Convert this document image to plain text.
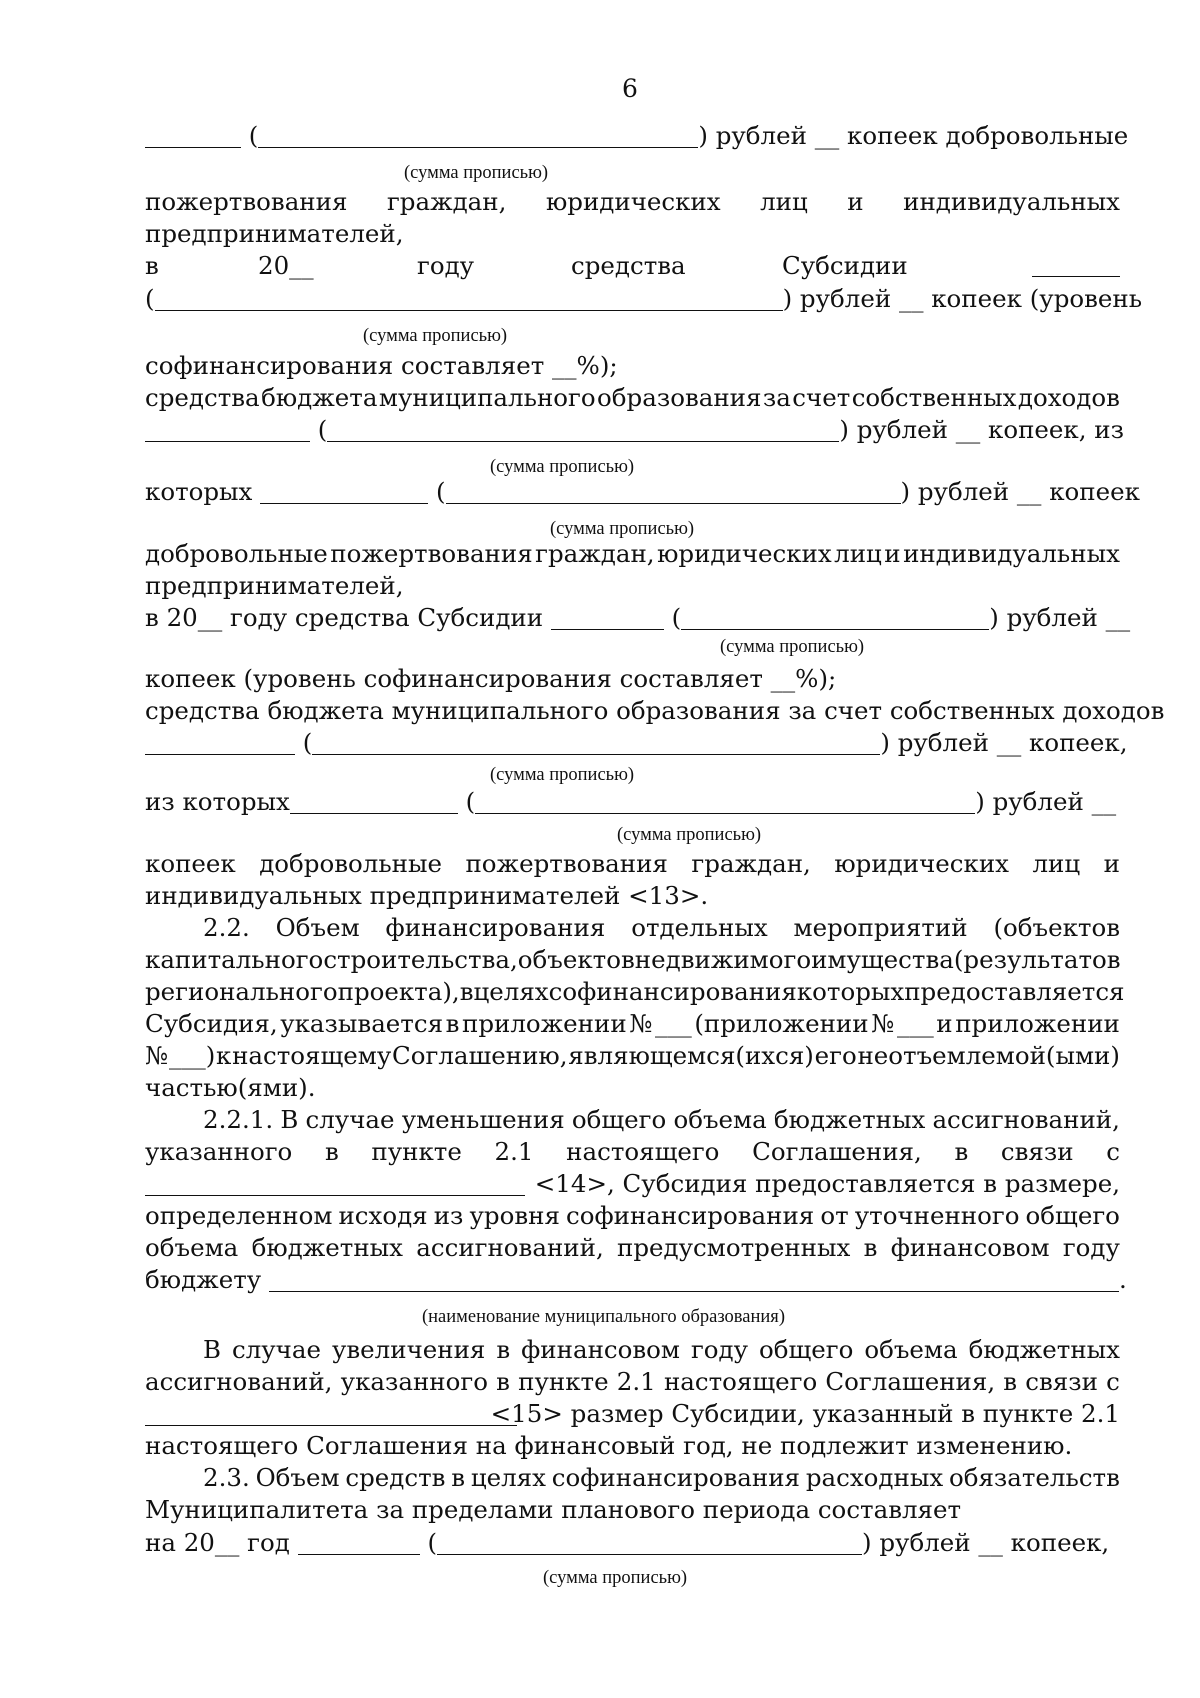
6
(	) рублей __ копеек добровольные
(сумма прописью)
пожертвования граждан, юридических лиц и индивидуальных
предпринимателей,
в	20__	году	средства	Субсидии
(	) рублей __ копеек (уровень
(сумма прописью)
софинансирования составляет __%);
средства бюджета муниципального образования за счет собственных доходов
(	) рублей __ копеек, из
(сумма прописью)
которых	(	) рублей __ копеек
(сумма прописью)
добровольные пожертвования граждан, юридических лиц и индивидуальных
предпринимателей,
в 20__ году средства Субсидии	(	) рублей __
(сумма прописью)
копеек (уровень софинансирования составляет __%);
средства бюджета муниципального образования за счет собственных доходов
(	) рублей __ копеек,
(сумма прописью)
из которых	(	) рублей __
(сумма прописью)
копеек добровольные пожертвования граждан, юридических лиц и
индивидуальных предпринимателей <13>.
2.2. Объем финансирования отдельных мероприятий (объектов
капитального строительства, объектов недвижимого имущества (результатов
регионального проекта), в целях софинансирования которых предоставляется
Субсидия, указывается в приложении № ___ (приложении № ___ и приложении
№ ___) к настоящему Соглашению, являющемся(ихся) его неотъемлемой(ыми)
частью(ями).
2.2.1. В случае уменьшения общего объема бюджетных ассигнований,
указанного в пункте 2.1 настоящего Соглашения, в связи с
<14>, Субсидия предоставляется в размере,
определенном исходя из уровня софинансирования от уточненного общего
объема бюджетных ассигнований, предусмотренных в финансовом году
бюджету	.
(наименование муниципального образования)
В случае увеличения в финансовом году общего объема бюджетных
ассигнований, указанного в пункте 2.1 настоящего Соглашения, в связи с
<15> размер Субсидии, указанный в пункте 2.1
настоящего Соглашения на финансовый год, не подлежит изменению.
2.3. Объем средств в целях софинансирования расходных обязательств
Муниципалитета за пределами планового периода составляет
на 20__ год	(	) рублей __ копеек,
(сумма прописью)
